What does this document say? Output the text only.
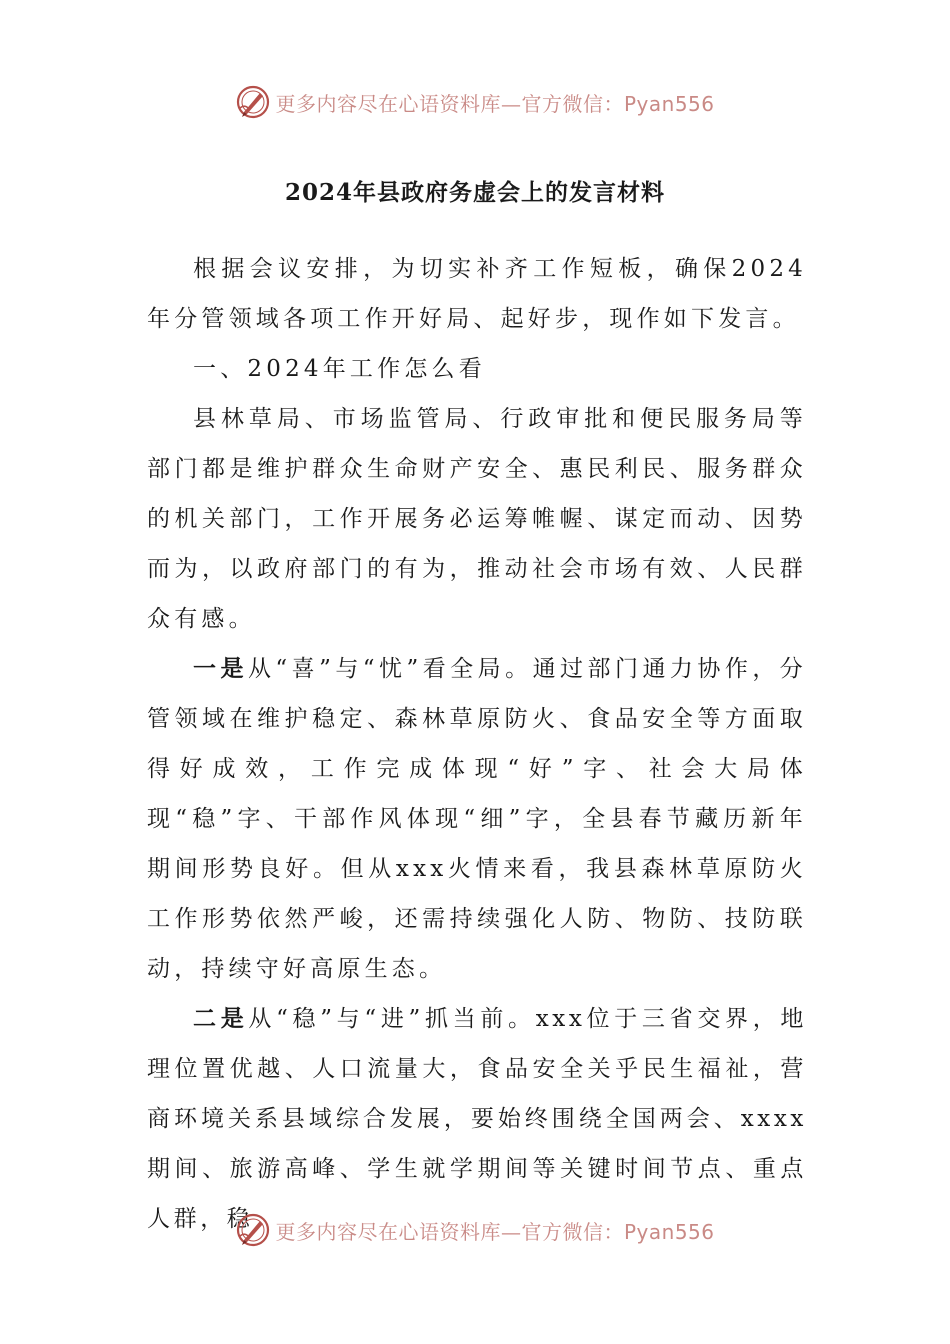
更多内容尽在心语资料库—官方微信：Pyan556
2024年县政府务虚会上的发言材料

根据会议安排，为切实补齐工作短板，确保2024年分管领域各项工作开好局、起好步，现作如下发言。

一、2024年工作怎么看

县林草局、市场监管局、行政审批和便民服务局等部门都是维护群众生命财产安全、惠民利民、服务群众的机关部门，工作开展务必运筹帷幄、谋定而动、因势而为，以政府部门的有为，推动社会市场有效、人民群众有感。

一是从“喜”与“忧”看全局。通过部门通力协作，分管领域在维护稳定、森林草原防火、食品安全等方面取得好成效，工作完成体现“好”字、社会大局体现“稳”字、干部作风体现“细”字，全县春节藏历新年期间形势良好。但从xxx火情来看，我县森林草原防火工作形势依然严峻，还需持续强化人防、物防、技防联动，持续守好高原生态。

二是从“稳”与“进”抓当前。xxx位于三省交界，地理位置优越、人口流量大，食品安全关乎民生福祉，营商环境关系县域综合发展，要始终围绕全国两会、xxxx期间、旅游高峰、学生就学期间等关键时间节点、重点人群，稳	更多内容尽在心语资料库—官方微信：Pyan556
